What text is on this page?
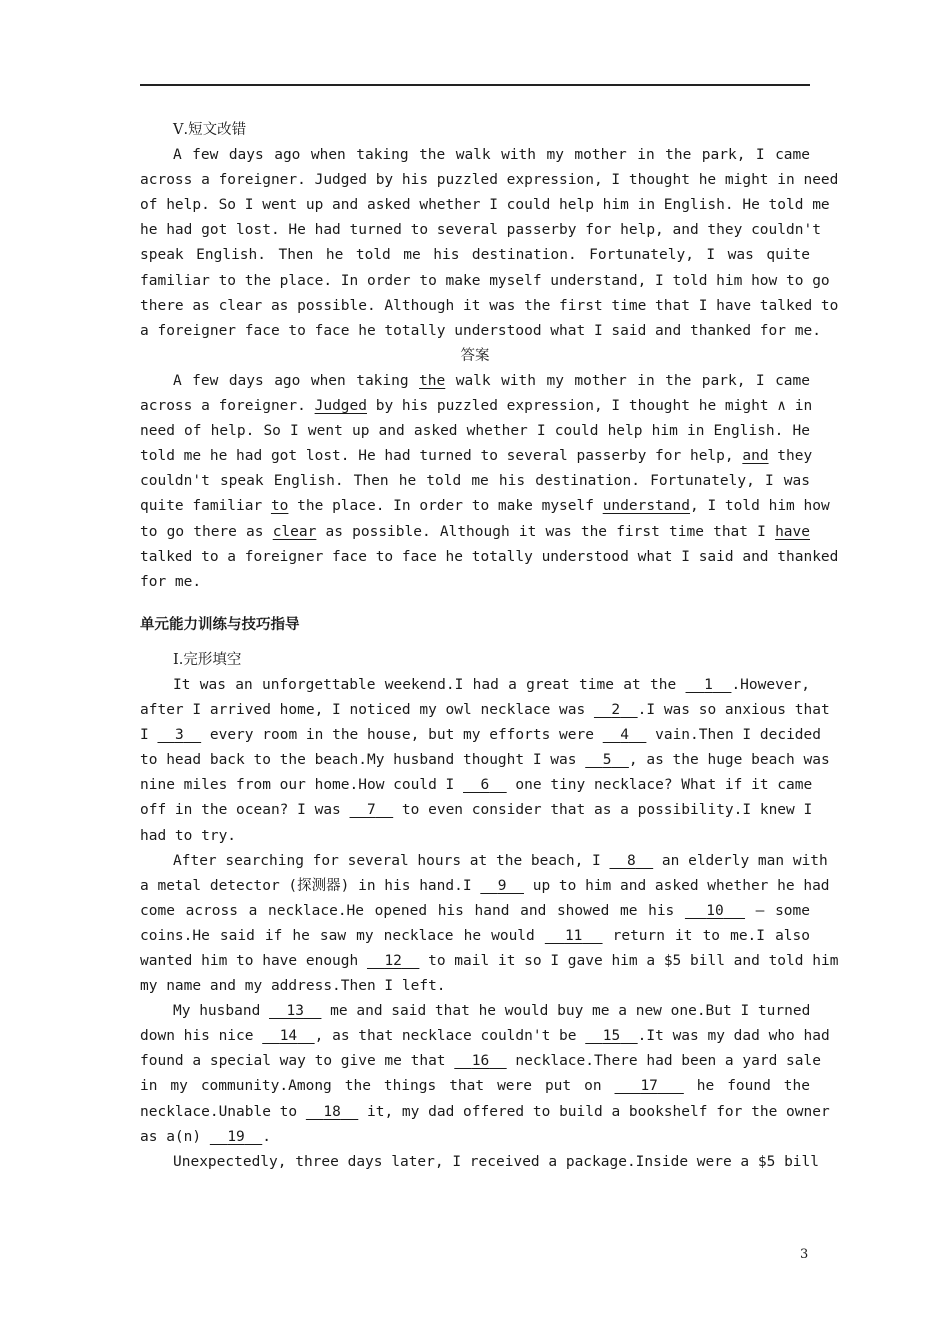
Ⅴ.短文改错
A few days ago when taking the walk with my mother in the park, I came
across a foreigner. Judged by his puzzled expression, I thought he might in need
of help. So I went up and asked whether I could help him in English. He told me
he had got lost. He had turned to several passerby for help, and they couldn't
speak English. Then he told me his destination. Fortunately, I was quite
familiar to the place. In order to make myself understand, I told him how to go
there as clear as possible. Although it was the first time that I have talked to
a foreigner face to face he totally understood what I said and thanked for me.
答案
A few days ago when taking the walk with my mother in the park, I came
across a foreigner. Judged by his puzzled expression, I thought he might ∧ in
need of help. So I went up and asked whether I could help him in English. He
told me he had got lost. He had turned to several passerby for help, and they
couldn't speak English. Then he told me his destination. Fortunately, I was
quite familiar to the place. In order to make myself understand, I told him how
to go there as clear as possible. Although it was the first time that I have
talked to a foreigner face to face he totally understood what I said and thanked
for me.
单元能力训练与技巧指导
Ⅰ.完形填空
It was an unforgettable weekend.I had a great time at the   1 .However,
after I arrived home, I noticed my owl necklace was   2 .I was so anxious that
I   3   every room in the house, but my efforts were   4   vain.Then I decided
to head back to the beach.My husband thought I was   5 , as the huge beach was
nine miles from our home.How could I   6   one tiny necklace? What if it came
off in the ocean? I was   7   to even consider that as a possibility.I knew I
had to try.
After searching for several hours at the beach, I   8   an elderly man with
a metal detector (探测器) in his hand.I   9   up to him and asked whether he had
come across a necklace.He opened his hand and showed me his   10   — some
coins.He said if he saw my necklace he would   11   return it to me.I also
wanted him to have enough   12   to mail it so I gave him a $5 bill and told him
my name and my address.Then I left.
My husband   13   me and said that he would buy me a new one.But I turned
down his nice   14 , as that necklace couldn't be   15 .It was my dad who had
found a special way to give me that   16   necklace.There had been a yard sale
in my community.Among the things that were put on   17   he found the
necklace.Unable to   18   it, my dad offered to build a bookshelf for the owner
as a(n)   19 .
Unexpectedly, three days later, I received a package.Inside were a $5 bill
3
